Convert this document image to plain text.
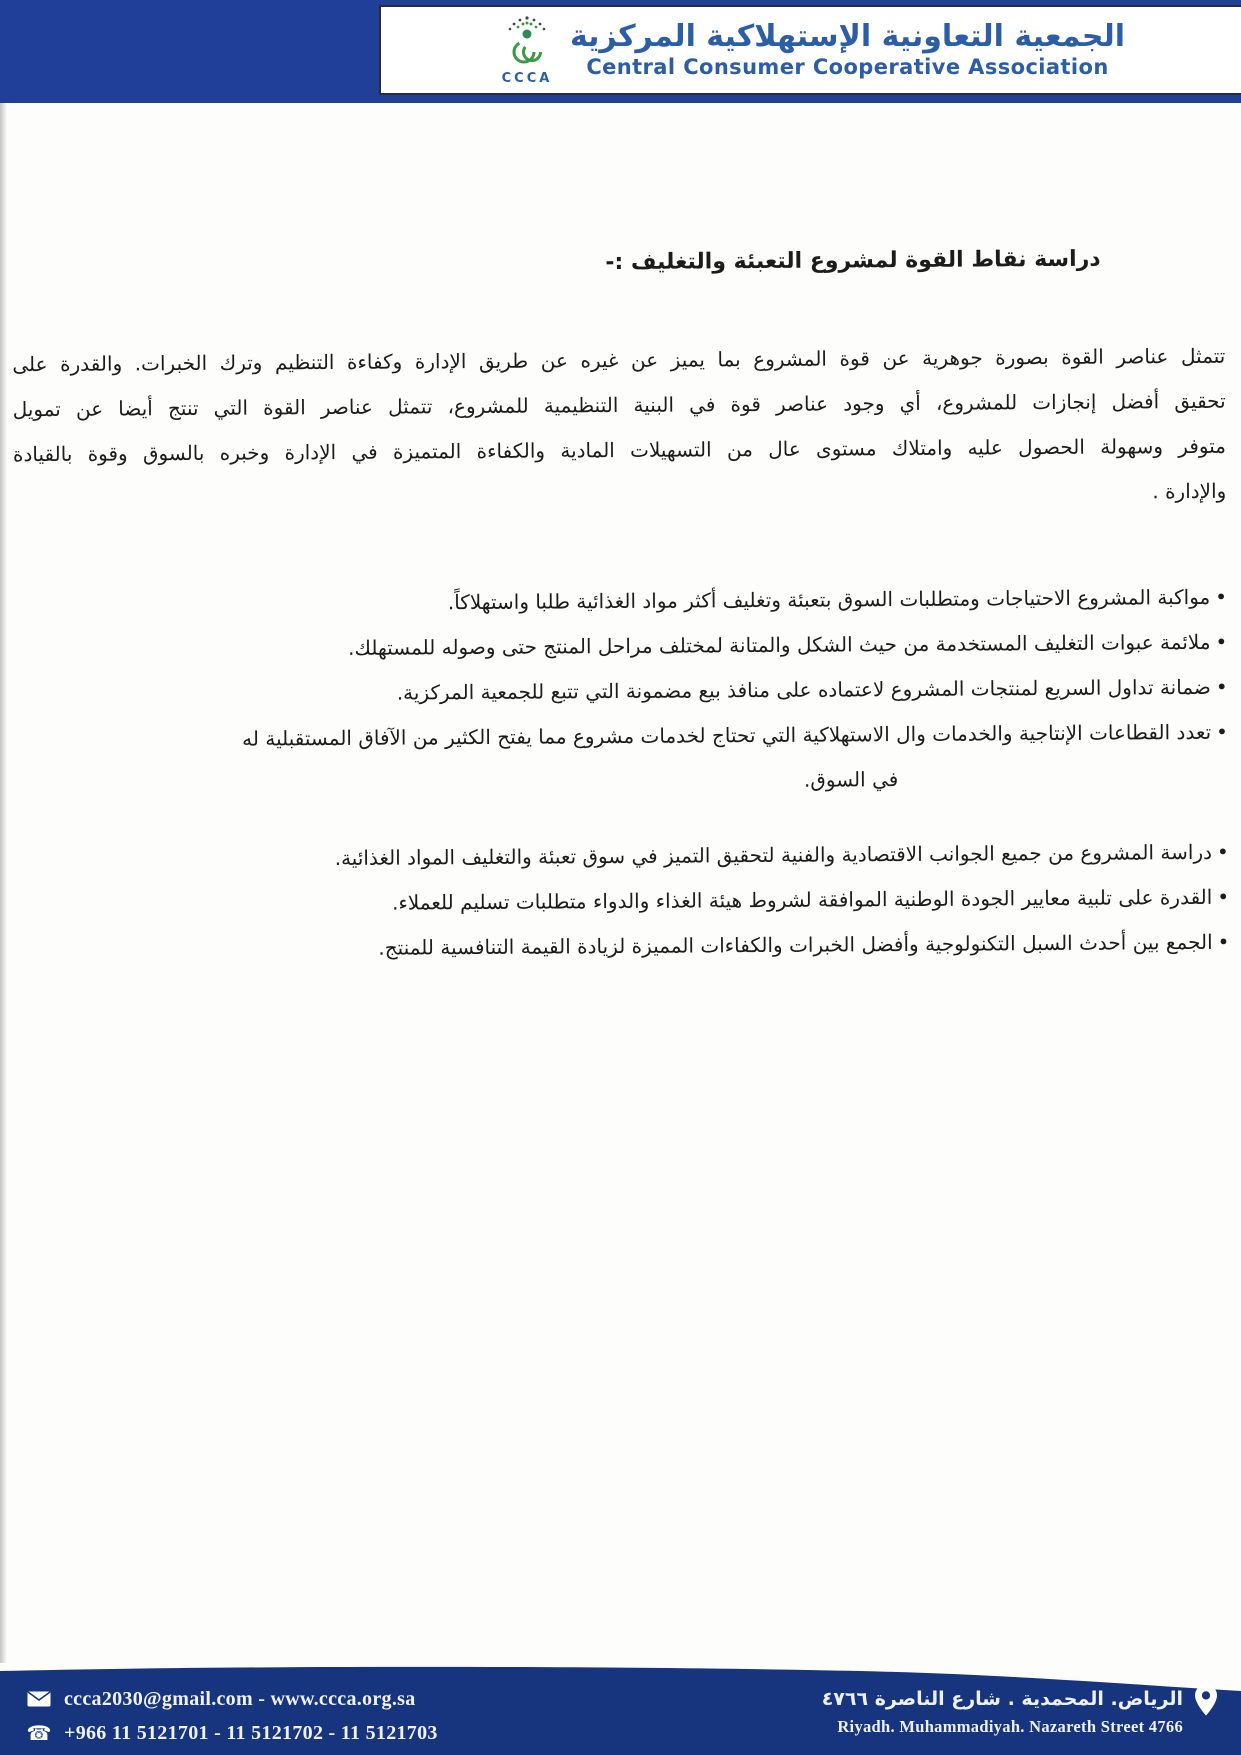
CCCA
الجمعية التعاونية الإستهلاكية المركزية
Central Consumer Cooperative Association
دراسة نقاط القوة لمشروع التعبئة والتغليف :-
تتمثل عناصر القوة بصورة جوهرية عن قوة المشروع بما يميز عن غيره عن طريق الإدارة وكفاءة التنظيم وترك الخبرات. والقدرة على
تحقيق أفضل إنجازات للمشروع، أي وجود عناصر قوة في البنية التنظيمية للمشروع، تتمثل عناصر القوة التي تنتج أيضا عن تمويل
متوفر وسهولة الحصول عليه وامتلاك مستوى عال من التسهيلات المادية والكفاءة المتميزة في الإدارة وخبره بالسوق وقوة بالقيادة
والإدارة .
•مواكبة المشروع الاحتياجات ومتطلبات السوق بتعبئة وتغليف أكثر مواد الغذائية طلبا واستهلاكاً.
•ملائمة عبوات التغليف المستخدمة من حيث الشكل والمتانة لمختلف مراحل المنتج حتى وصوله للمستهلك.
•ضمانة تداول السريع لمنتجات المشروع لاعتماده على منافذ بيع مضمونة التي تتبع للجمعية المركزية.
•تعدد القطاعات الإنتاجية والخدمات وال الاستهلاكية التي تحتاج لخدمات مشروع مما يفتح الكثير من الآفاق المستقبلية له
في السوق.
•دراسة المشروع من جميع الجوانب الاقتصادية والفنية لتحقيق التميز في سوق تعبئة والتغليف المواد الغذائية.
•القدرة على تلبية معايير الجودة الوطنية الموافقة لشروط هيئة الغذاء والدواء متطلبات تسليم للعملاء.
•الجمع بين أحدث السبل التكنولوجية وأفضل الخبرات والكفاءات المميزة لزيادة القيمة التنافسية للمنتج.
ccca2030@gmail.com - www.ccca.org.sa
☎ +966 11 5121701 - 11 5121702 - 11 5121703
الرياض. المحمدية . شارع الناصرة ٤٧٦٦
Riyadh. Muhammadiyah. Nazareth Street 4766
